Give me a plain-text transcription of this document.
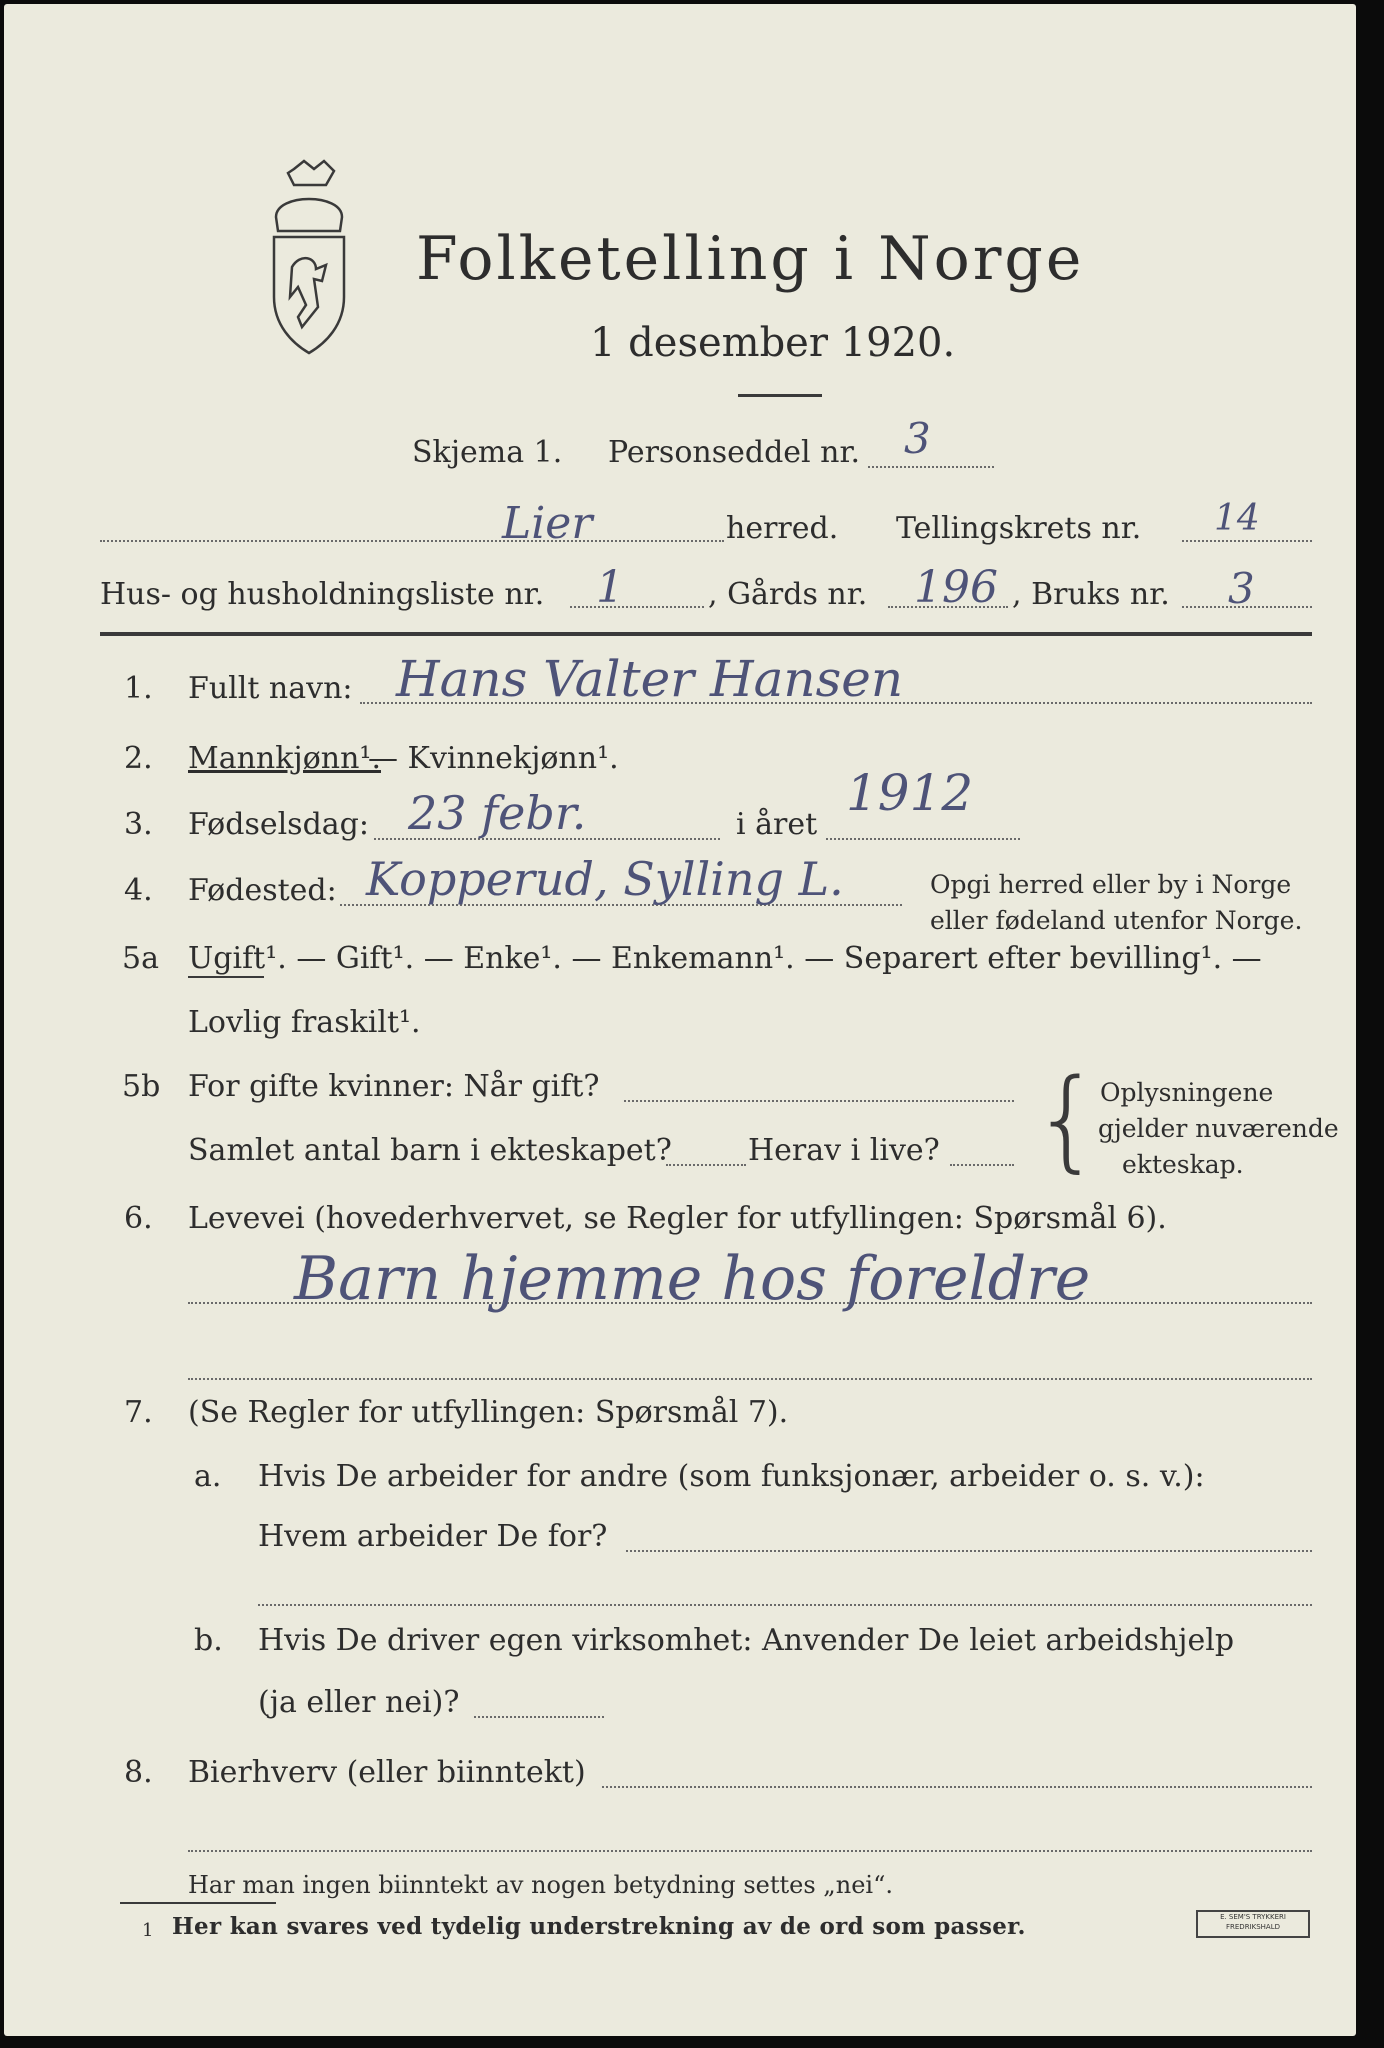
Folketelling i Norge
1 desember 1920.
Skjema 1. Personseddel nr. 3
Lier	herred. Tellingskrets nr. 14
Hus- og husholdningsliste nr. 1	, Gårds nr. 196 , Bruks nr. 3
1. Fullt navn: Hans Valter Hansen
2. Mannkjønn¹.
— Kvinnekjønn¹.
3. Fødselsdag: 23 febr.	i året
1912
4. Fødested: Kopperud, Sylling L.	Opgi herred eller by i Norge
eller fødeland utenfor Norge.
5a Ugift¹. — Gift¹. — Enke¹. — Enkemann¹. — Separert efter bevilling¹. —
Lovlig fraskilt¹.
5b For gifte kvinner: Når gift?
Samlet antal barn i ekteskapet?	Herav i live? {
Oplysningene
gjelder nuværende
ekteskap.
6. Levevei (hovederhvervet, se Regler for utfyllingen: Spørsmål 6).
Barn hjemme hos foreldre
7. (Se Regler for utfyllingen: Spørsmål 7).
a. Hvis De arbeider for andre (som funksjonær, arbeider o. s. v.):
Hvem arbeider De for?
b. Hvis De driver egen virksomhet: Anvender De leiet arbeidshjelp
(ja eller nei)?
8. Bierhverv (eller biinntekt)
Har man ingen biinntekt av nogen betydning settes „nei“.
1 Her kan svares ved tydelig understrekning av de ord som passer.	E. SEM'S TRYKKERI
FREDRIKSHALD
